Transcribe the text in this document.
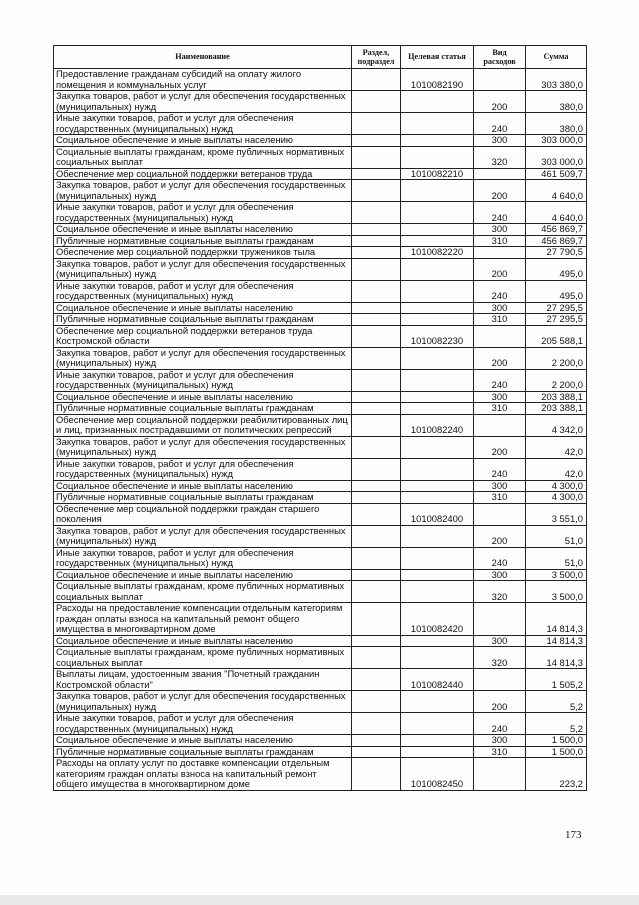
Наименование	Раздел, подраздел	Целевая статья	Вид расходов	Сумма
Предоставление гражданам субсидий на оплату жилого помещения и коммунальных услуг		1010082190		303 380,0
Закупка товаров, работ и услуг для обеспечения государственных (муниципальных) нужд			200	380,0
Иные закупки товаров, работ и услуг для обеспечения государственных (муниципальных) нужд			240	380,0
Социальное обеспечение и иные выплаты населению			300	303 000,0
Социальные выплаты гражданам, кроме публичных нормативных социальных выплат			320	303 000,0
Обеспечение мер социальной поддержки ветеранов труда		1010082210		461 509,7
Закупка товаров, работ и услуг для обеспечения государственных (муниципальных) нужд			200	4 640,0
Иные закупки товаров, работ и услуг для обеспечения государственных (муниципальных) нужд			240	4 640,0
Социальное обеспечение и иные выплаты населению			300	456 869,7
Публичные нормативные социальные выплаты гражданам			310	456 869,7
Обеспечение мер социальной поддержки тружеников тыла		1010082220		27 790,5
Закупка товаров, работ и услуг для обеспечения государственных (муниципальных) нужд			200	495,0
Иные закупки товаров, работ и услуг для обеспечения государственных (муниципальных) нужд			240	495,0
Социальное обеспечение и иные выплаты населению			300	27 295,5
Публичные нормативные социальные выплаты гражданам			310	27 295,5
Обеспечение мер социальной поддержки ветеранов труда Костромской области		1010082230		205 588,1
Закупка товаров, работ и услуг для обеспечения государственных (муниципальных) нужд			200	2 200,0
Иные закупки товаров, работ и услуг для обеспечения государственных (муниципальных) нужд			240	2 200,0
Социальное обеспечение и иные выплаты населению			300	203 388,1
Публичные нормативные социальные выплаты гражданам			310	203 388,1
Обеспечение мер социальной поддержки реабилитированных лиц и лиц, признанных пострадавшими от политических репрессий		1010082240		4 342,0
Закупка товаров, работ и услуг для обеспечения государственных (муниципальных) нужд			200	42,0
Иные закупки товаров, работ и услуг для обеспечения государственных (муниципальных) нужд			240	42,0
Социальное обеспечение и иные выплаты населению			300	4 300,0
Публичные нормативные социальные выплаты гражданам			310	4 300,0
Обеспечение мер социальной поддержки граждан старшего поколения		1010082400		3 551,0
Закупка товаров, работ и услуг для обеспечения государственных (муниципальных) нужд			200	51,0
Иные закупки товаров, работ и услуг для обеспечения государственных (муниципальных) нужд			240	51,0
Социальное обеспечение и иные выплаты населению			300	3 500,0
Социальные выплаты гражданам, кроме публичных нормативных социальных выплат			320	3 500,0
Расходы на предоставление компенсации отдельным категориям граждан оплаты взноса на капитальный ремонт общего имущества в многоквартирном доме		1010082420		14 814,3
Социальное обеспечение и иные выплаты населению			300	14 814,3
Социальные выплаты гражданам, кроме публичных нормативных социальных выплат			320	14 814,3
Выплаты лицам, удостоенным звания "Почетный гражданин Костромской области"		1010082440		1 505,2
Закупка товаров, работ и услуг для обеспечения государственных (муниципальных) нужд			200	5,2
Иные закупки товаров, работ и услуг для обеспечения государственных (муниципальных) нужд			240	5,2
Социальное обеспечение и иные выплаты населению			300	1 500,0
Публичные нормативные социальные выплаты гражданам			310	1 500,0
Расходы на оплату услуг по доставке компенсации отдельным категориям граждан оплаты взноса на капитальный ремонт общего имущества в многоквартирном доме		1010082450		223,2
173
